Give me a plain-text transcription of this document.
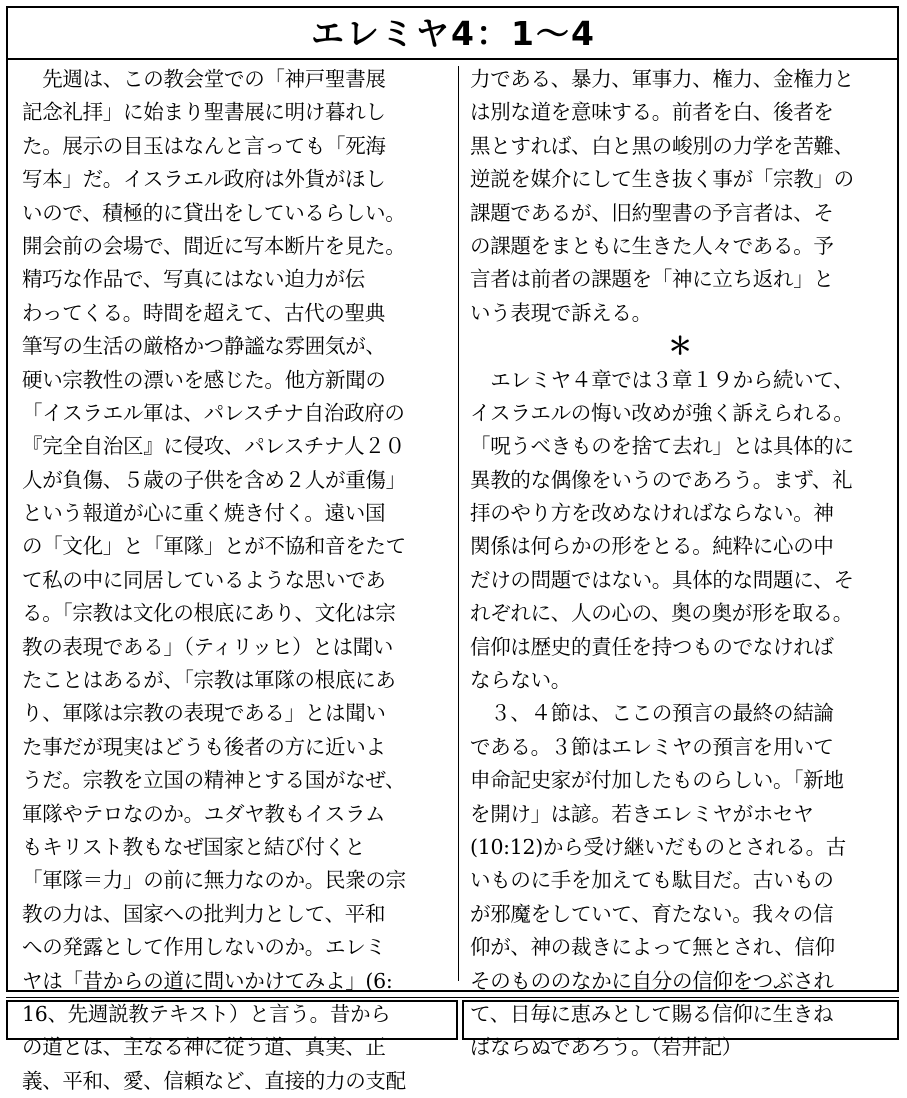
エレミヤ4：1～4
　先週は、この教会堂での「神戸聖書展
記念礼拝」に始まり聖書展に明け暮れし
た。展示の目玉はなんと言っても「死海
写本」だ。イスラエル政府は外貨がほし
いので、積極的に貸出をしているらしい。
開会前の会場で、間近に写本断片を見た。
精巧な作品で、写真にはない迫力が伝
わってくる。時間を超えて、古代の聖典
筆写の生活の厳格かつ静謐な雰囲気が、
硬い宗教性の漂いを感じた。他方新聞の
「イスラエル軍は、パレスチナ自治政府の
『完全自治区』に侵攻、パレスチナ人２０
人が負傷、５歳の子供を含め２人が重傷」
という報道が心に重く焼き付く。遠い国
の「文化」と「軍隊」とが不協和音をたて
て私の中に同居しているような思いであ
る。「宗教は文化の根底にあり、文化は宗
教の表現である」（ティリッヒ）とは聞い
たことはあるが、「宗教は軍隊の根底にあ
り、軍隊は宗教の表現である」とは聞い
た事だが現実はどうも後者の方に近いよ
うだ。宗教を立国の精神とする国がなぜ、
軍隊やテロなのか。ユダヤ教もイスラム
もキリスト教もなぜ国家と結び付くと
「軍隊＝力」の前に無力なのか。民衆の宗
教の力は、国家への批判力として、平和
への発露として作用しないのか。エレミ
ヤは「昔からの道に問いかけてみよ」(6:
16、先週説教テキスト）と言う。昔から
の道とは、主なる神に従う道、真実、正
義、平和、愛、信頼など、直接的力の支配
力である、暴力、軍事力、権力、金権力と
は別な道を意味する。前者を白、後者を
黒とすれば、白と黒の峻別の力学を苦難、
逆説を媒介にして生き抜く事が「宗教」の
課題であるが、旧約聖書の予言者は、そ
の課題をまともに生きた人々である。予
言者は前者の課題を「神に立ち返れ」と
いう表現で訴える。
＊
　エレミヤ４章では３章１９から続いて、
イスラエルの悔い改めが強く訴えられる。
「呪うべきものを捨て去れ」とは具体的に
異教的な偶像をいうのであろう。まず、礼
拝のやり方を改めなければならない。神
関係は何らかの形をとる。純粋に心の中
だけの問題ではない。具体的な問題に、そ
れぞれに、人の心の、奥の奥が形を取る。
信仰は歴史的責任を持つものでなければ
ならない。
　３、４節は、ここの預言の最終の結論
である。３節はエレミヤの預言を用いて
申命記史家が付加したものらしい。「新地
を開け」は諺。若きエレミヤがホセヤ
(10:12)から受け継いだものとされる。古
いものに手を加えても駄目だ。古いもの
が邪魔をしていて、育たない。我々の信
仰が、神の裁きによって無とされ、信仰
そのもののなかに自分の信仰をつぶされ
て、日毎に恵みとして賜る信仰に生きね
ばならぬであろう。（岩井記）
